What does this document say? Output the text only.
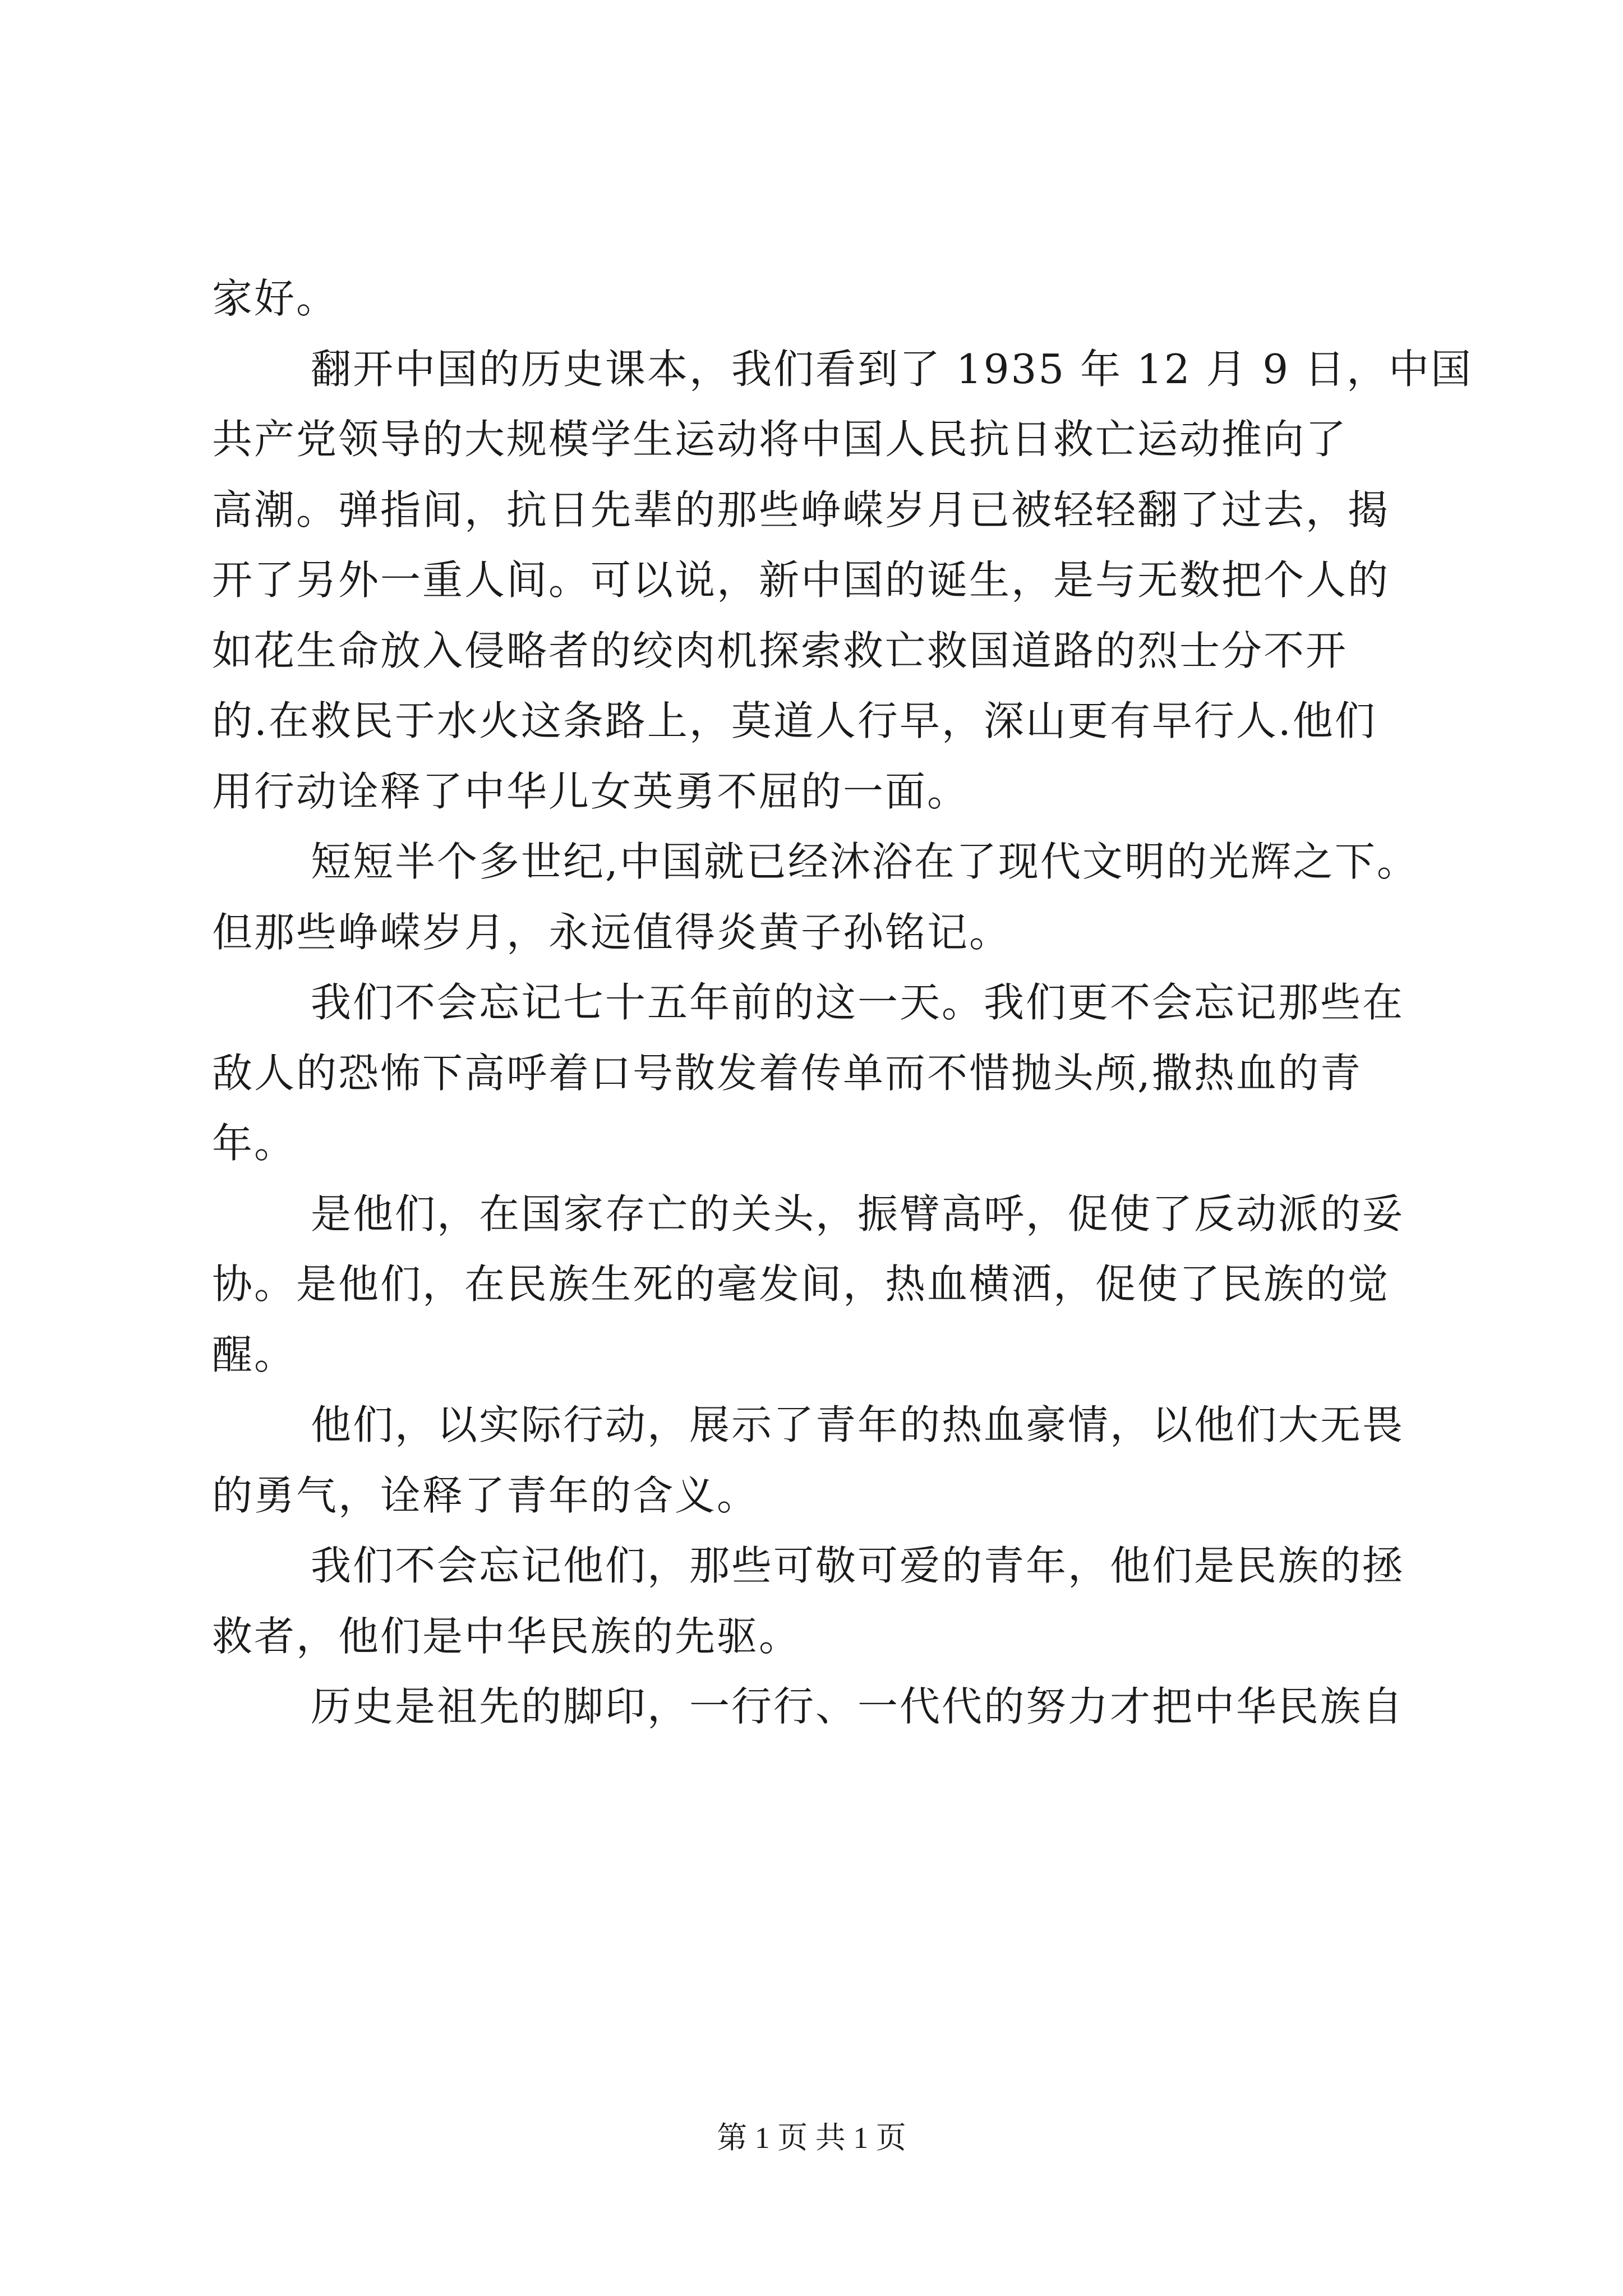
家好。
翻开中国的历史课本，我们看到了 1935 年 12 月 9 日，中国
共产党领导的大规模学生运动将中国人民抗日救亡运动推向了
高潮。弹指间，抗日先辈的那些峥嵘岁月已被轻轻翻了过去，揭
开了另外一重人间。可以说，新中国的诞生，是与无数把个人的
如花生命放入侵略者的绞肉机探索救亡救国道路的烈士分不开
的.在救民于水火这条路上，莫道人行早，深山更有早行人.他们
用行动诠释了中华儿女英勇不屈的一面。
短短半个多世纪,中国就已经沐浴在了现代文明的光辉之下。
但那些峥嵘岁月，永远值得炎黄子孙铭记。
我们不会忘记七十五年前的这一天。我们更不会忘记那些在
敌人的恐怖下高呼着口号散发着传单而不惜抛头颅,撒热血的青
年。
是他们，在国家存亡的关头，振臂高呼，促使了反动派的妥
协。是他们，在民族生死的毫发间，热血横洒，促使了民族的觉
醒。
他们，以实际行动，展示了青年的热血豪情，以他们大无畏
的勇气，诠释了青年的含义。
我们不会忘记他们，那些可敬可爱的青年，他们是民族的拯
救者，他们是中华民族的先驱。
历史是祖先的脚印，一行行、一代代的努力才把中华民族自
第 1 页 共 1 页
